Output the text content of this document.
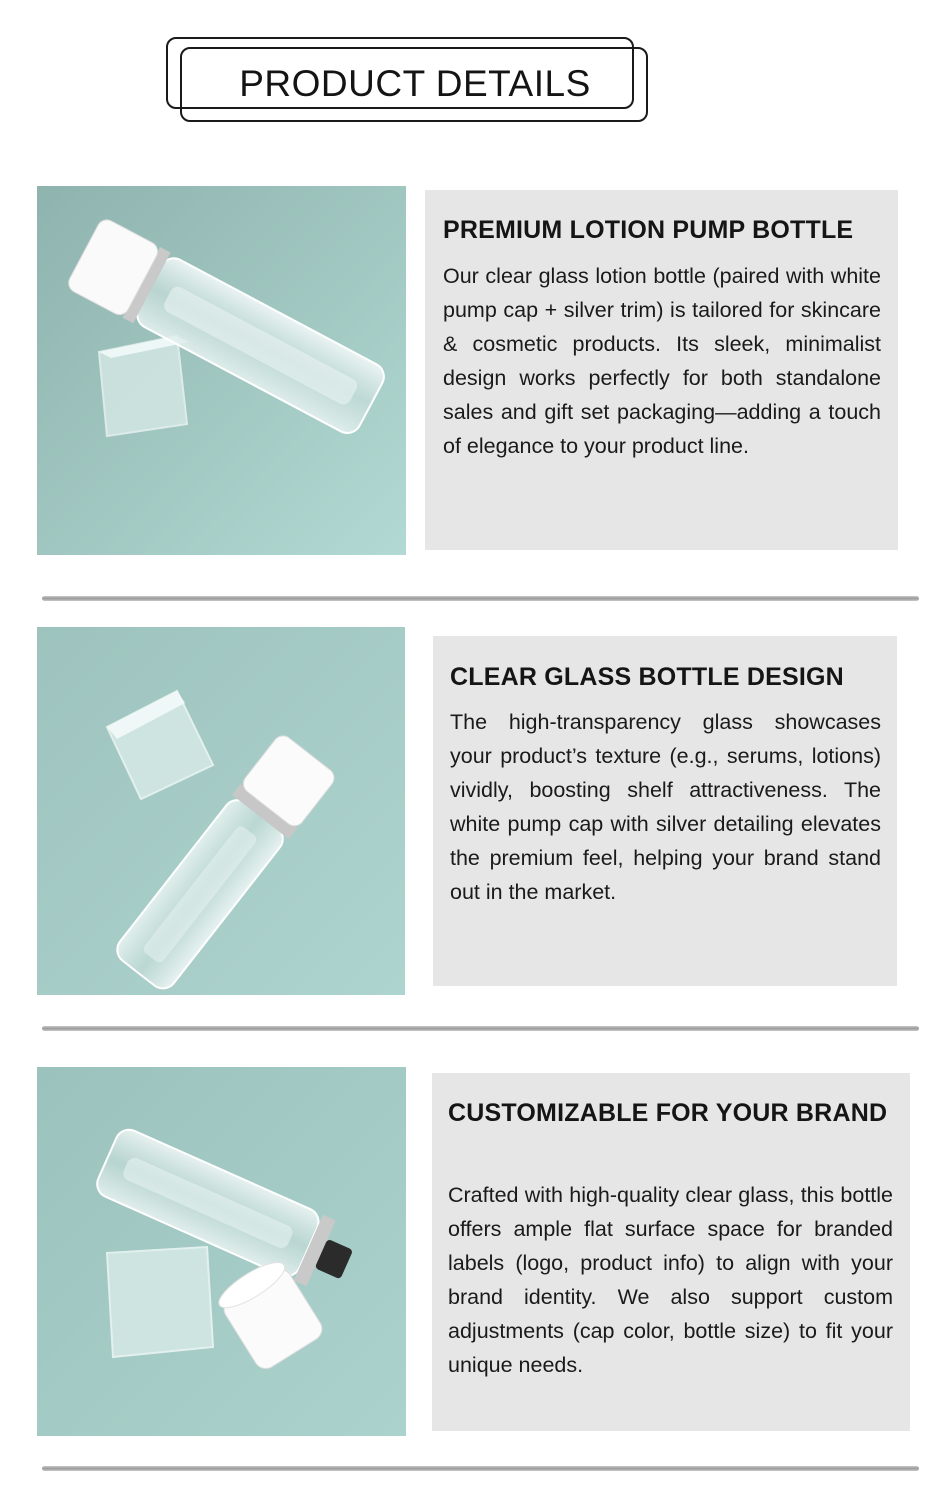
PRODUCT DETAILS
PREMIUM LOTION PUMP BOTTLE

Our clear glass lotion bottle (paired with white pump cap + silver trim) is tailored for skincare & cosmetic products. Its sleek, minimalist design works perfectly for both standalone sales and gift set packaging—adding a touch of elegance to your product line.

CLEAR GLASS BOTTLE DESIGN

The high-transparency glass showcases your product’s texture (e.g., serums, lotions) vividly, boosting shelf attractiveness. The white pump cap with silver detailing elevates the premium feel, helping your brand stand out in the market.

CUSTOMIZABLE FOR YOUR BRAND

Crafted with high-quality clear glass, this bottle offers ample flat surface space for branded labels (logo, product info) to align with your brand identity. We also support custom adjustments (cap color, bottle size) to fit your unique needs.
